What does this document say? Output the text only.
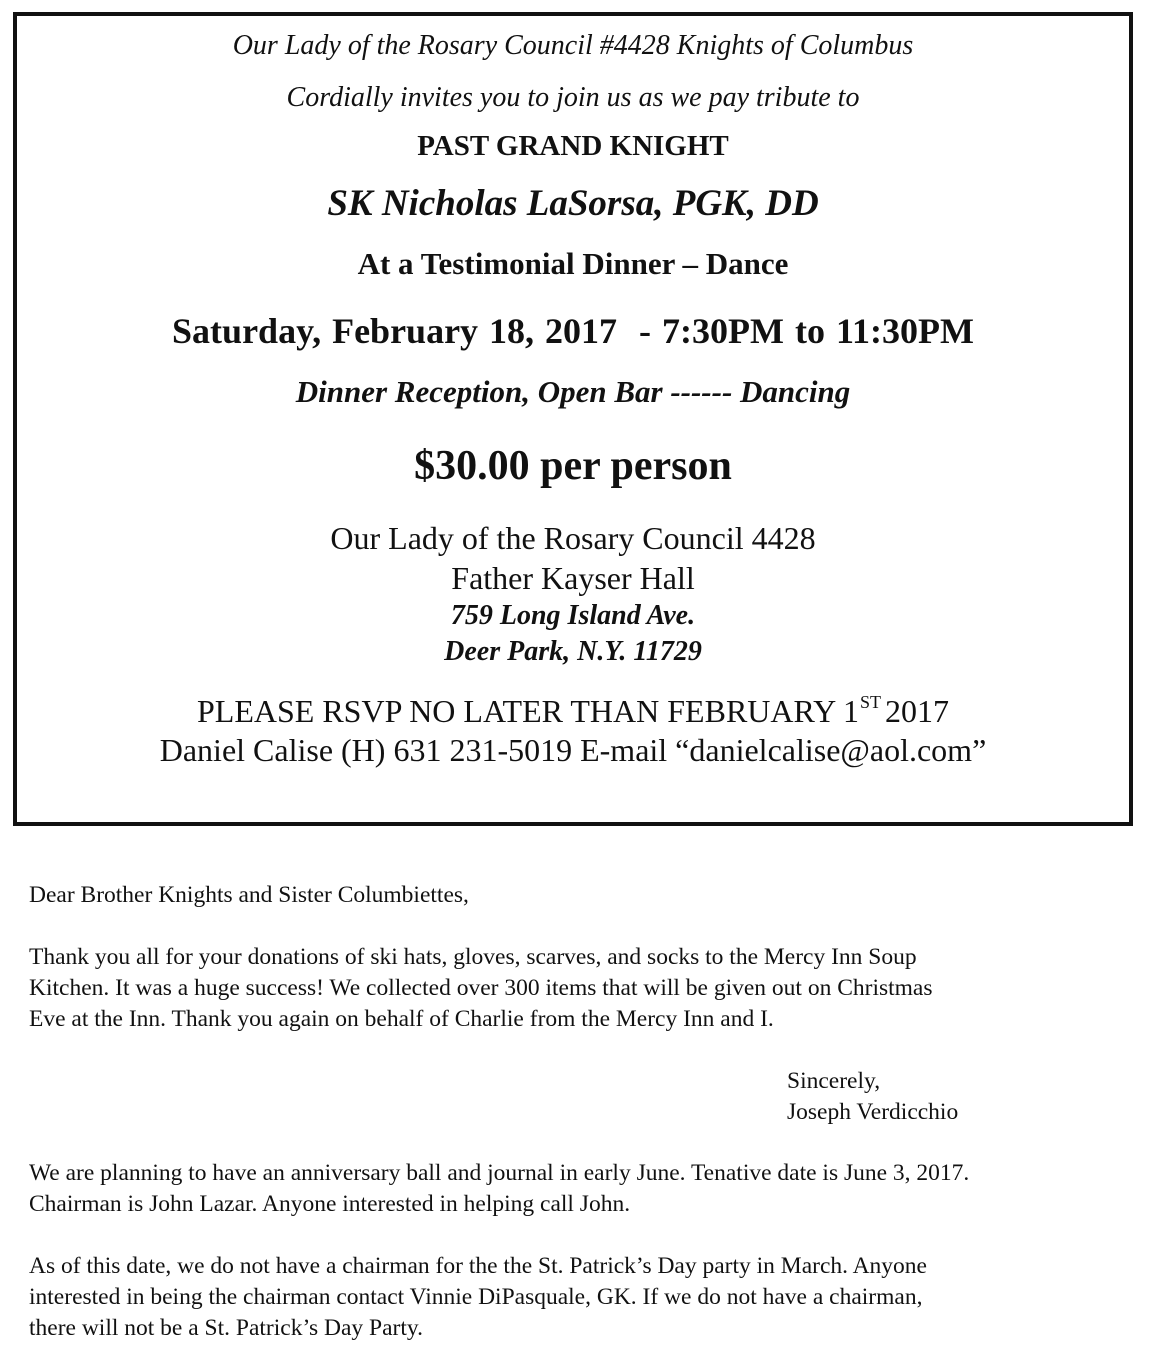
Our Lady of the Rosary Council #4428 Knights of Columbus
Cordially invites you to join us as we pay tribute to
PAST GRAND KNIGHT
SK Nicholas LaSorsa, PGK, DD
At a Testimonial Dinner – Dance
Saturday, February 18, 2017  - 7:30PM to 11:30PM
Dinner Reception, Open Bar ------ Dancing
$30.00 per person
Our Lady of the Rosary Council 4428
Father Kayser Hall
759 Long Island Ave.
Deer Park, N.Y. 11729
PLEASE RSVP NO LATER THAN FEBRUARY 1ST 2017
Daniel Calise (H) 631 231-5019 E-mail “danielcalise@aol.com”

Dear Brother Knights and Sister Columbiettes,

Thank you all for your donations of ski hats, gloves, scarves, and socks to the Mercy Inn Soup

Kitchen. It was a huge success! We collected over 300 items that will be given out on Christmas

Eve at the Inn. Thank you again on behalf of Charlie from the Mercy Inn and I.

Sincerely,

Joseph Verdicchio

We are planning to have an anniversary ball and journal in early June. Tenative date is June 3, 2017.

Chairman is John Lazar. Anyone interested in helping call John.

As of this date, we do not have a chairman for the the St. Patrick’s Day party in March. Anyone

interested in being the chairman contact Vinnie DiPasquale, GK. If we do not have a chairman,

there will not be a St. Patrick’s Day Party.
